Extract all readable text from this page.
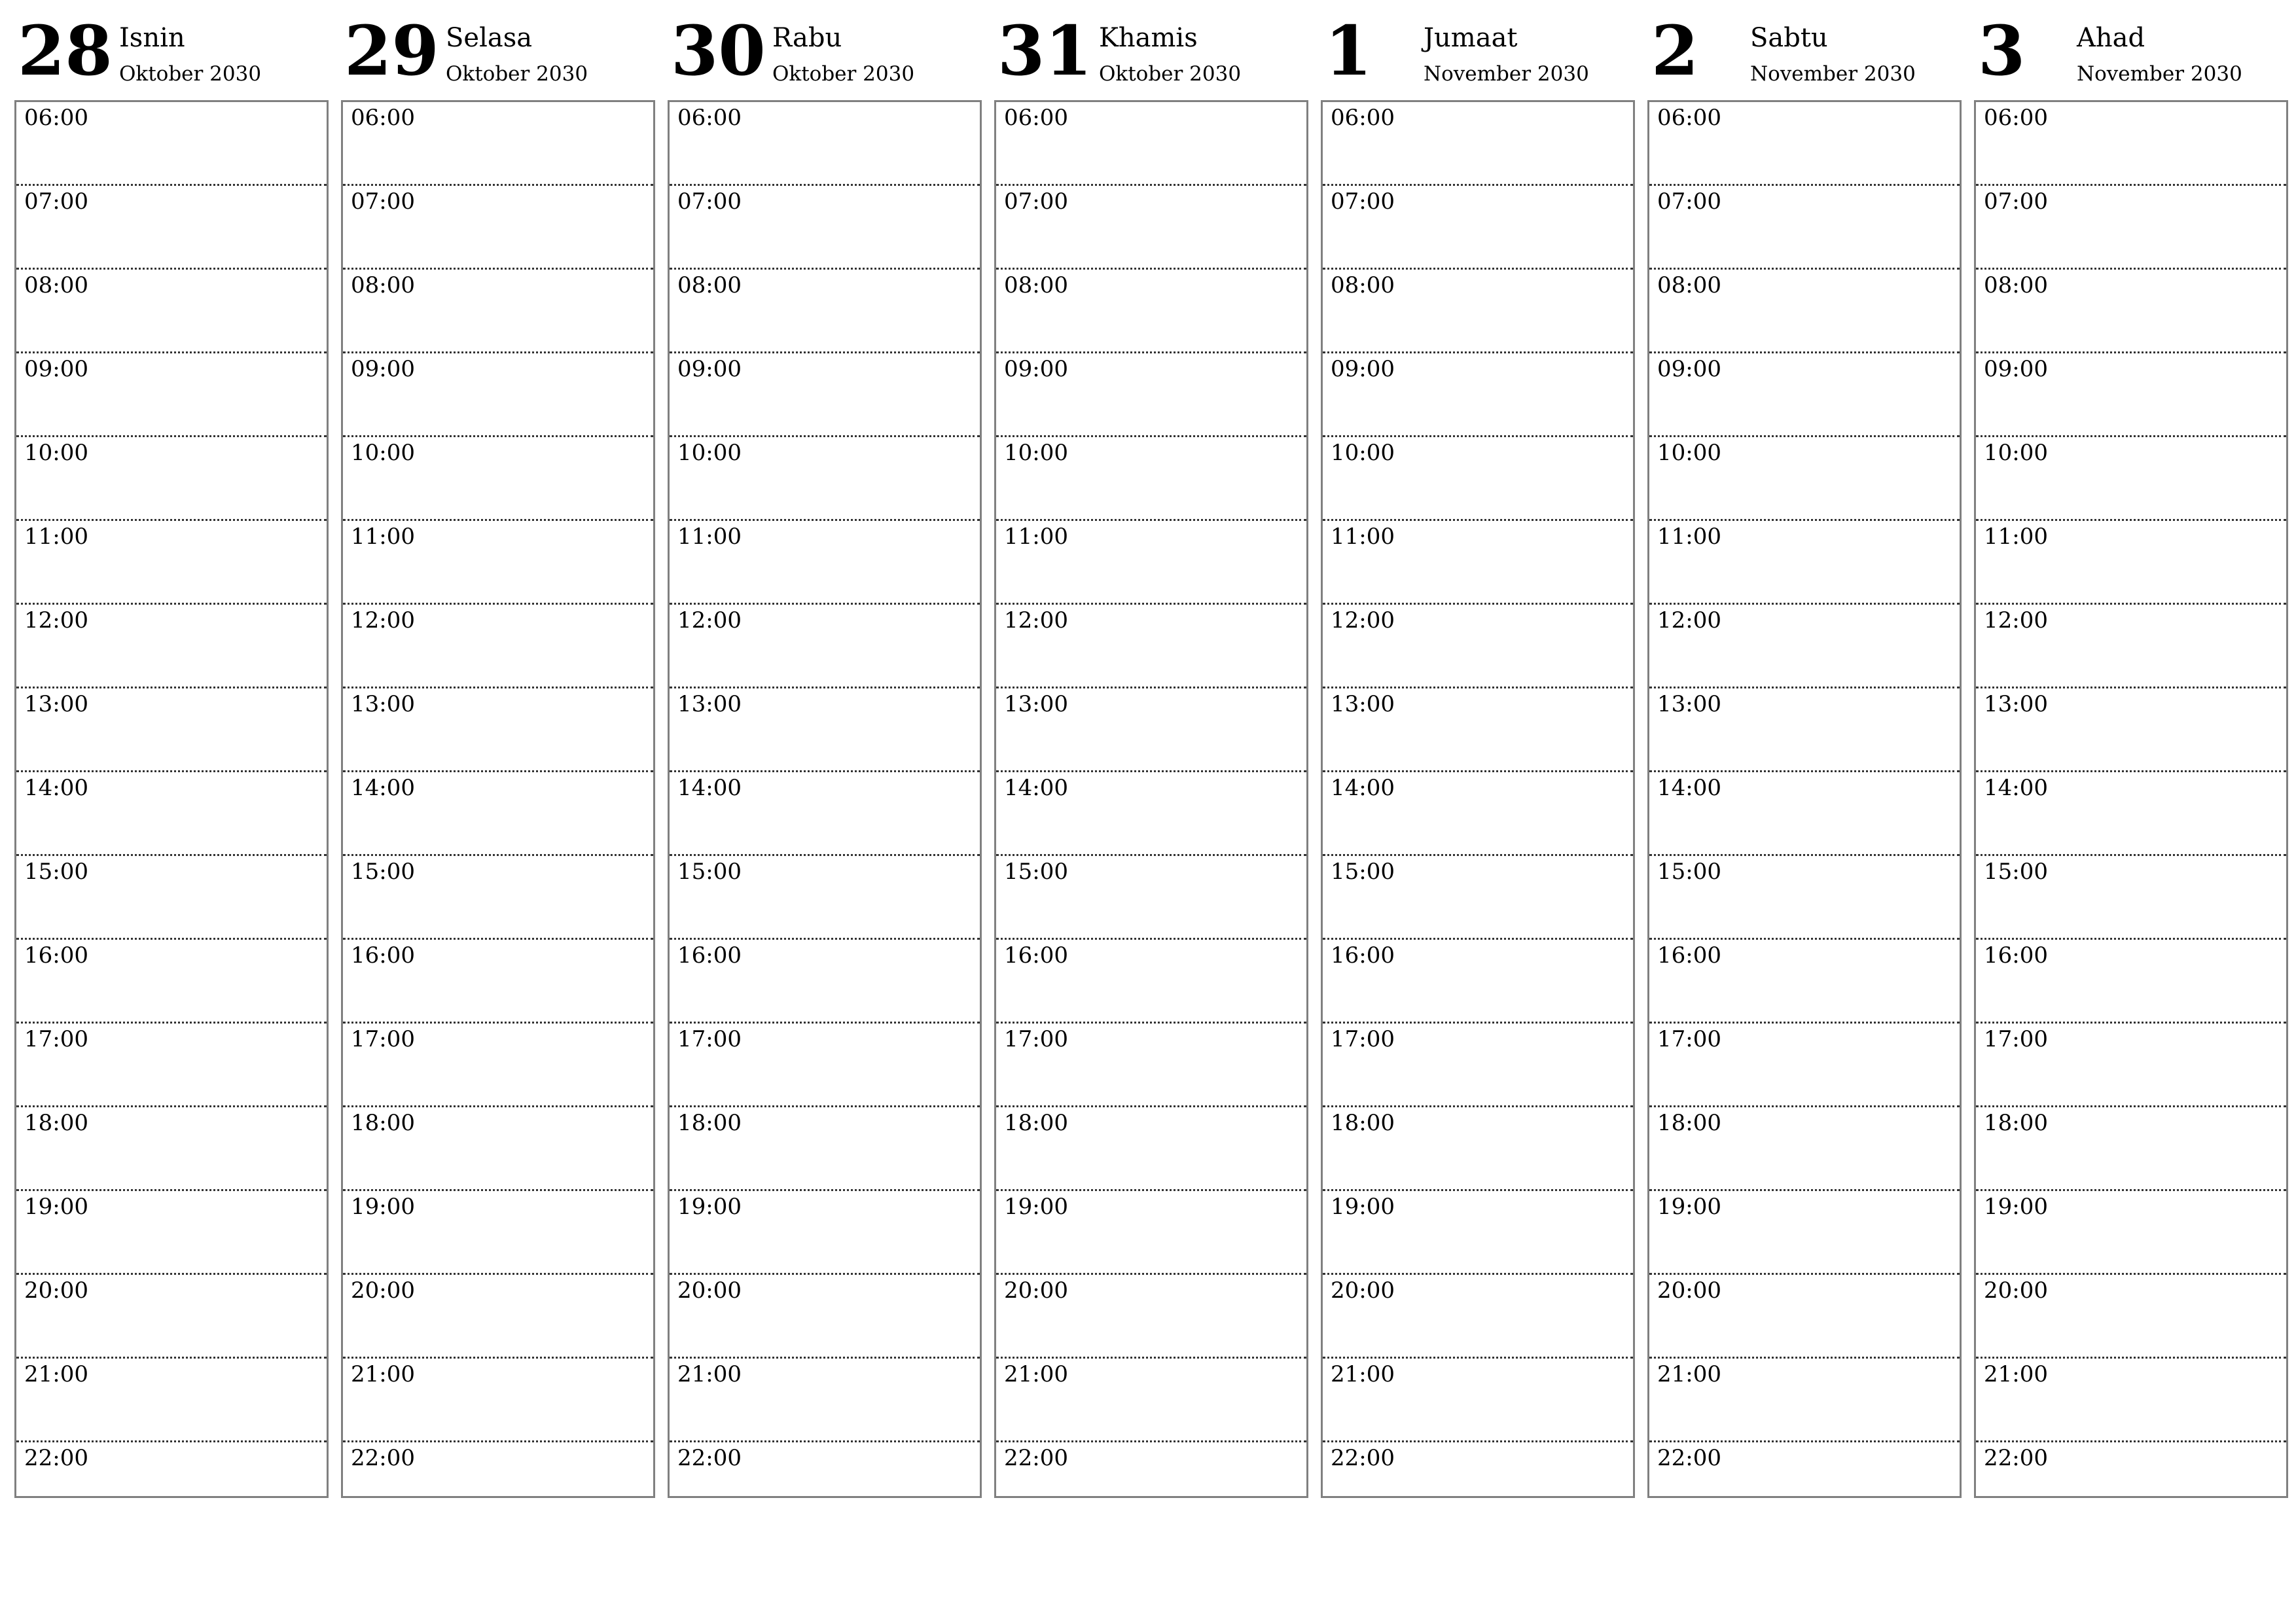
28 Isnin
Oktober 2030
06:00
07:00
08:00
09:00
10:00
11:00
12:00
13:00
14:00
15:00
16:00
17:00
18:00
19:00
20:00
21:00
22:00
29 Selasa
Oktober 2030
06:00
07:00
08:00
09:00
10:00
11:00
12:00
13:00
14:00
15:00
16:00
17:00
18:00
19:00
20:00
21:00
22:00
30 Rabu
Oktober 2030
06:00
07:00
08:00
09:00
10:00
11:00
12:00
13:00
14:00
15:00
16:00
17:00
18:00
19:00
20:00
21:00
22:00
31 Khamis
Oktober 2030
06:00
07:00
08:00
09:00
10:00
11:00
12:00
13:00
14:00
15:00
16:00
17:00
18:00
19:00
20:00
21:00
22:00
1 Jumaat
November 2030
06:00
07:00
08:00
09:00
10:00
11:00
12:00
13:00
14:00
15:00
16:00
17:00
18:00
19:00
20:00
21:00
22:00
2 Sabtu
November 2030
06:00
07:00
08:00
09:00
10:00
11:00
12:00
13:00
14:00
15:00
16:00
17:00
18:00
19:00
20:00
21:00
22:00
3 Ahad
November 2030
06:00
07:00
08:00
09:00
10:00
11:00
12:00
13:00
14:00
15:00
16:00
17:00
18:00
19:00
20:00
21:00
22:00
